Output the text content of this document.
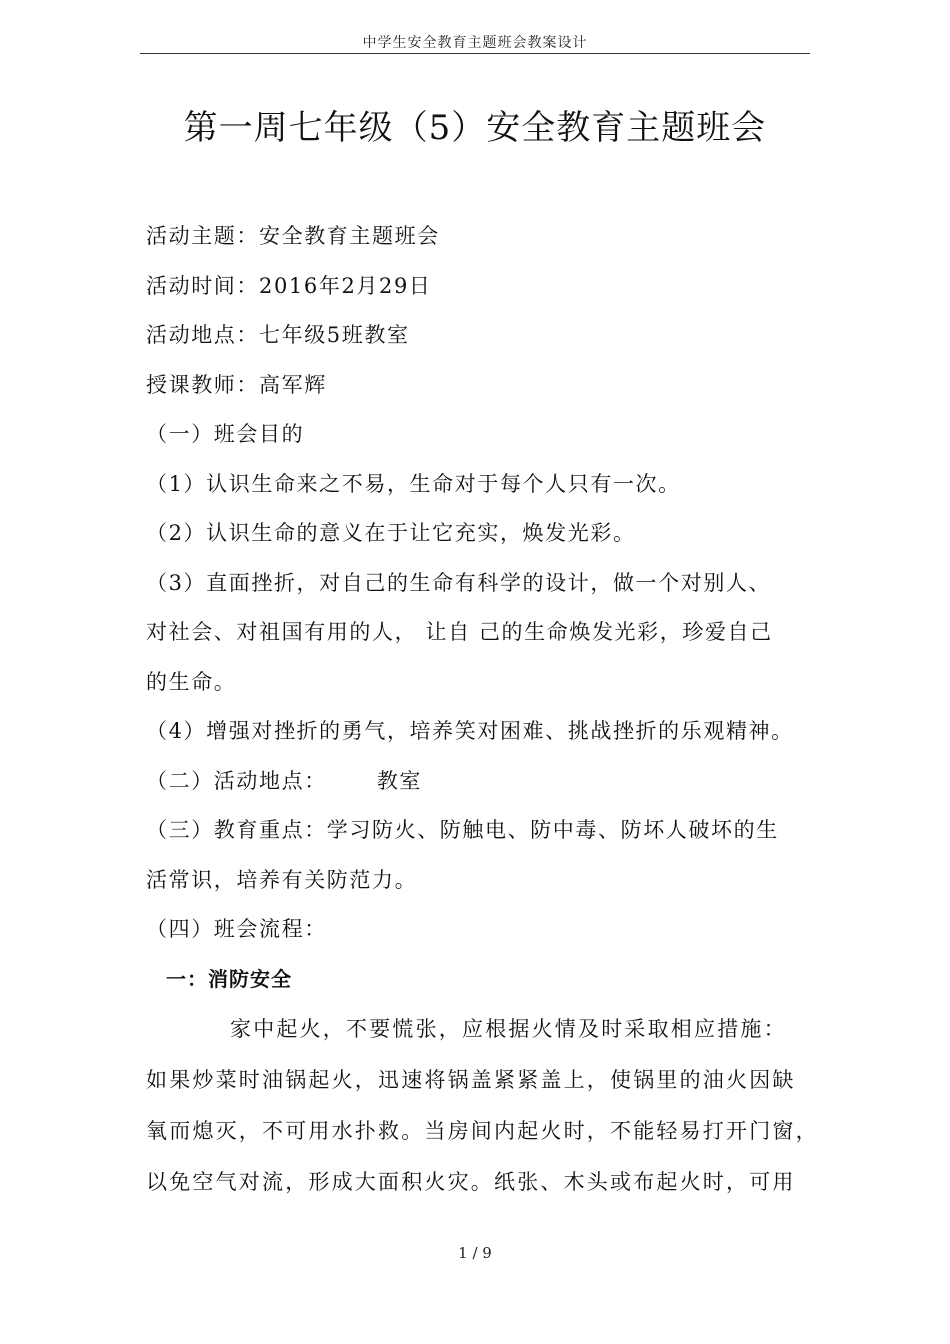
中学生安全教育主题班会教案设计
第一周七年级（5）安全教育主题班会
活动主题：安全教育主题班会
活动时间：2016年2月29日
活动地点：七年级5班教室
授课教师：高军辉
（一）班会目的
（1）认识生命来之不易，生命对于每个人只有一次。
（2）认识生命的意义在于让它充实，焕发光彩。
（3）直面挫折，对自己的生命有科学的设计，做一个对别人、
对社会、对祖国有用的人， 让自 己的生命焕发光彩，珍爱自己
的生命。
（4）增强对挫折的勇气，培养笑对困难、挑战挫折的乐观精神。
（二）活动地点： 教室
（三）教育重点：学习防火、防触电、防中毒、防坏人破坏的生
活常识，培养有关防范力。
（四）班会流程：
一：消防安全
家中起火，不要慌张，应根据火情及时采取相应措施：
如果炒菜时油锅起火，迅速将锅盖紧紧盖上，使锅里的油火因缺
氧而熄灭，不可用水扑救。当房间内起火时，不能轻易打开门窗，
以免空气对流，形成大面积火灾。纸张、木头或布起火时，可用
1 / 9
